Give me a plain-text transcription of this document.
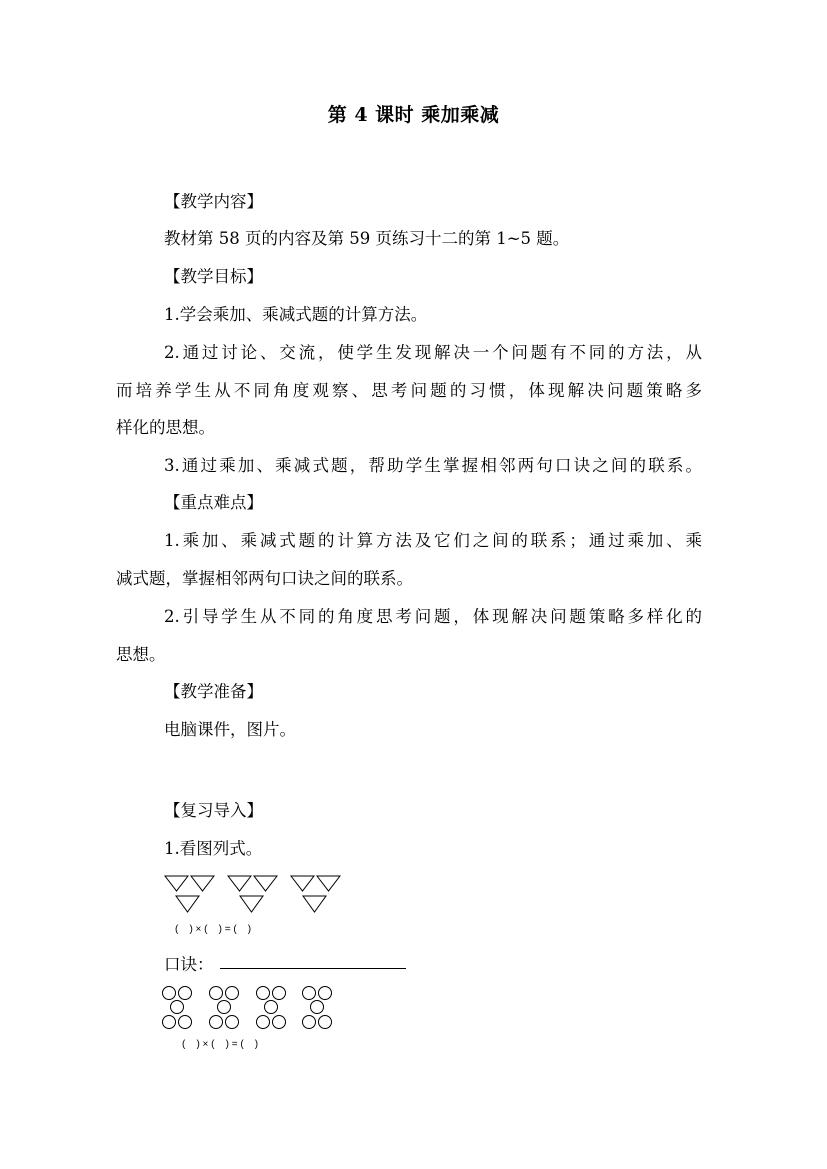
第 4 课时 乘加乘减
【教学内容】
教材第 58 页的内容及第 59 页练习十二的第 1~5 题。
【教学目标】
1.学会乘加、乘减式题的计算方法。
2.通过讨论、交流，使学生发现解决一个问题有不同的方法，从
而培养学生从不同角度观察、思考问题的习惯，体现解决问题策略多
样化的思想。
3.通过乘加、乘减式题，帮助学生掌握相邻两句口诀之间的联系。
【重点难点】
1.乘加、乘减式题的计算方法及它们之间的联系；通过乘加、乘
减式题，掌握相邻两句口诀之间的联系。
2.引导学生从不同的角度思考问题，体现解决问题策略多样化的
思想。
【教学准备】
电脑课件，图片。
【复习导入】
1.看图列式。
(    ) × (    ) = (    )
口诀：
(    ) × (    ) = (    )
